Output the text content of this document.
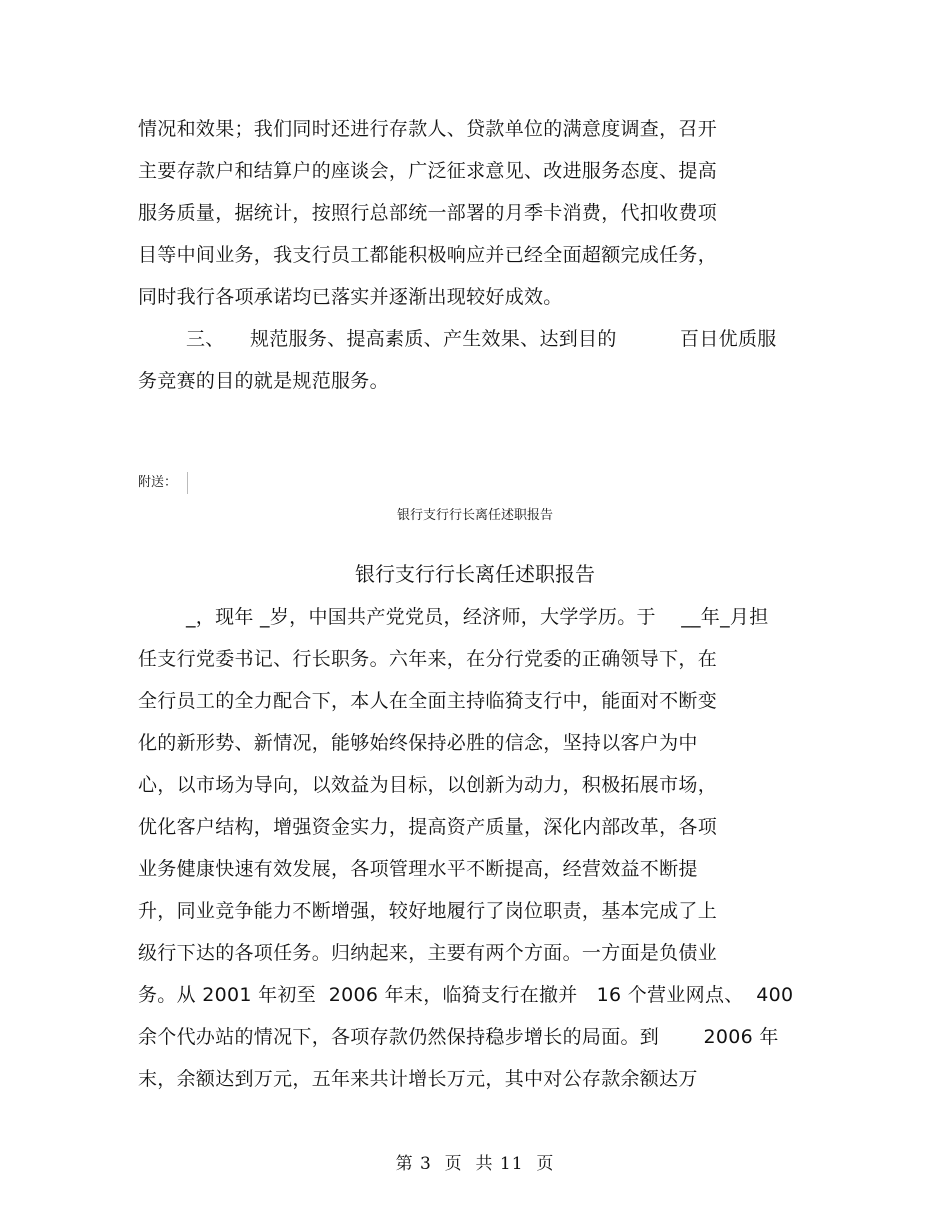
情况和效果；我们同时还进行存款人、贷款单位的满意度调查，召开
主要存款户和结算户的座谈会，广泛征求意见、改进服务态度、提高
服务质量，据统计，按照行总部统一部署的月季卡消费，代扣收费项
目等中间业务，我支行员工都能积极响应并已经全面超额完成任务，
同时我行各项承诺均已落实并逐渐出现较好成效。
三、    规范服务、提高素质、产生效果、达到目的          百日优质服
务竞赛的目的就是规范服务。
附送：
银行支行行长离任述职报告
银行支行行长离任述职报告
_，现年 _岁，中国共产党党员，经济师，大学学历。于    __年_月担
任支行党委书记、行长职务。六年来，在分行党委的正确领导下，在
全行员工的全力配合下，本人在全面主持临猗支行中，能面对不断变
化的新形势、新情况，能够始终保持必胜的信念，坚持以客户为中
心，以市场为导向，以效益为目标，以创新为动力，积极拓展市场，
优化客户结构，增强资金实力，提高资产质量，深化内部改革，各项
业务健康快速有效发展，各项管理水平不断提高，经营效益不断提
升，同业竞争能力不断增强，较好地履行了岗位职责，基本完成了上
级行下达的各项任务。归纳起来，主要有两个方面。一方面是负债业
务。从 2001 年初至  2006 年末，临猗支行在撤并   16 个营业网点、  400
余个代办站的情况下，各项存款仍然保持稳步增长的局面。到       2006 年
末，余额达到万元，五年来共计增长万元，其中对公存款余额达万
第 3  页  共 11  页
